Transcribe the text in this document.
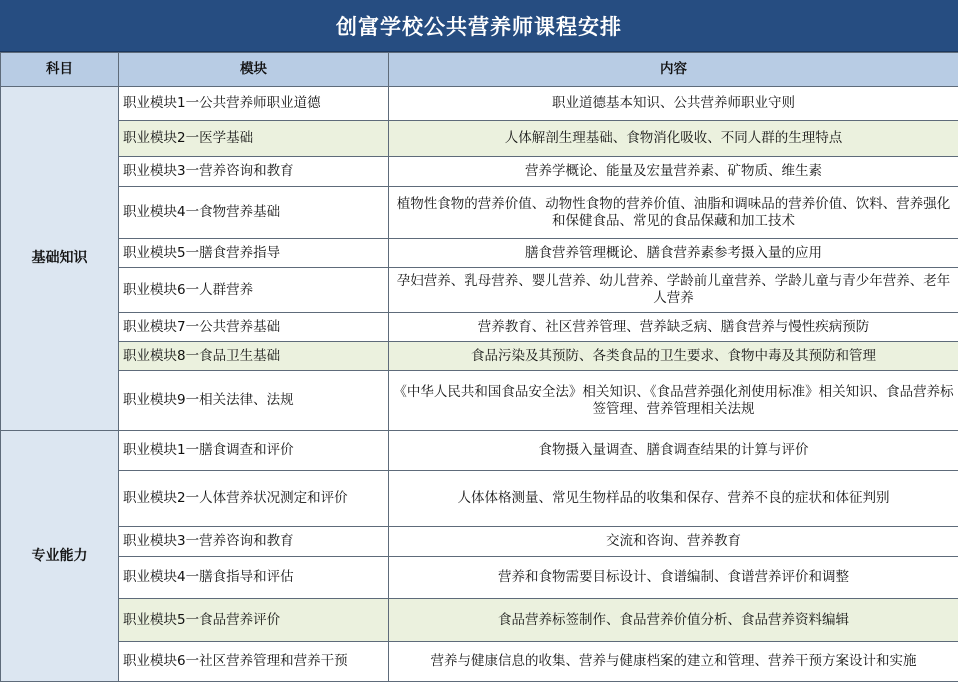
创富学校公共营养师课程安排
科目	模块	内容
基础知识	职业模块1一公共营养师职业道德	职业道德基本知识、公共营养师职业守则
	职业模块2一医学基础	人体解剖生理基础、食物消化吸收、不同人群的生理特点
	职业模块3一营养咨询和教育	营养学概论、能量及宏量营养素、矿物质、维生素
	职业模块4一食物营养基础	植物性食物的营养价值、动物性食物的营养价值、油脂和调味品的营养价值、饮料、营养强化和保健食品、常见的食品保藏和加工技术
	职业模块5一膳食营养指导	膳食营养管理概论、膳食营养素参考摄入量的应用
	职业模块6一人群营养	孕妇营养、乳母营养、婴儿营养、幼儿营养、学龄前儿童营养、学龄儿童与青少年营养、老年人营养
	职业模块7一公共营养基础	营养教育、社区营养管理、营养缺乏病、膳食营养与慢性疾病预防
	职业模块8一食品卫生基础	食品污染及其预防、各类食品的卫生要求、食物中毒及其预防和管理
	职业模块9一相关法律、法规	《中华人民共和国食品安全法》相关知识、《食品营养强化剂使用标准》相关知识、食品营养标签管理、营养管理相关法规
专业能力	职业模块1一膳食调查和评价	食物摄入量调查、膳食调查结果的计算与评价
	职业模块2一人体营养状况测定和评价	人体体格测量、常见生物样品的收集和保存、营养不良的症状和体征判别
	职业模块3一营养咨询和教育	交流和咨询、营养教育
	职业模块4一膳食指导和评估	营养和食物需要目标设计、食谱编制、食谱营养评价和调整
	职业模块5一食品营养评价	食品营养标签制作、食品营养价值分析、食品营养资料编辑
	职业模块6一社区营养管理和营养干预	营养与健康信息的收集、营养与健康档案的建立和管理、营养干预方案设计和实施
